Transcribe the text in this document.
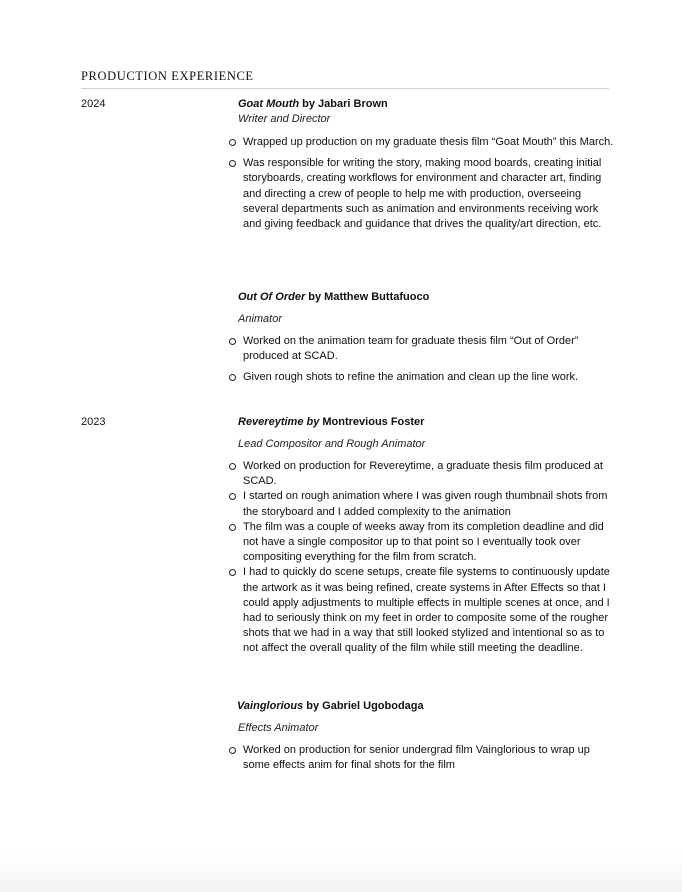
PRODUCTION EXPERIENCE
2024	Goat Mouth by Jabari Brown
Writer and Director
Wrapped up production on my graduate thesis film “Goat Mouth” this March.
Was responsible for writing the story, making mood boards, creating initial storyboards, creating workflows for environment and character art, finding and directing a crew of people to help me with production, overseeing several departments such as animation and environments receiving work and giving feedback and guidance that drives the quality/art direction, etc.
Out Of Order by Matthew Buttafuoco
Animator
Worked on the animation team for graduate thesis film “Out of Order” produced at SCAD.
Given rough shots to refine the animation and clean up the line work.
2023	Revereytime by Montrevious Foster
Lead Compositor and Rough Animator
Worked on production for Revereytime, a graduate thesis film produced at SCAD.
I started on rough animation where I was given rough thumbnail shots from the storyboard and I added complexity to the animation
The film was a couple of weeks away from its completion deadline and did not have a single compositor up to that point so I eventually took over compositing everything for the film from scratch.
I had to quickly do scene setups, create file systems to continuously update the artwork as it was being refined, create systems in After Effects so that I could apply adjustments to multiple effects in multiple scenes at once, and I had to seriously think on my feet in order to composite some of the rougher shots that we had in a way that still looked stylized and intentional so as to not affect the overall quality of the film while still meeting the deadline.
Vainglorious by Gabriel Ugobodaga
Effects Animator
Worked on production for senior undergrad film Vainglorious to wrap up some effects anim for final shots for the film
